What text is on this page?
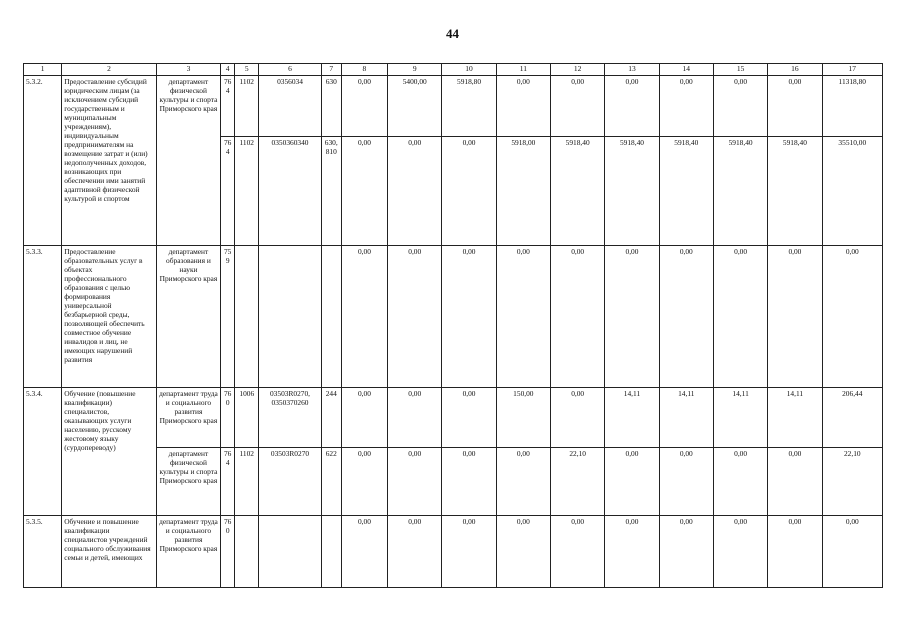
44
1	2	3	4	5	6	7	8	9	10	11	12	13	14	15	16	17
5.3.2.	Предоставление субсидий юридическим лицам (за исключением субсидий государственным и муниципальным учреждениям), индивидуальным предпринимателям на возмещение затрат и (или) недополученных доходов, возникающих при обеспечении ими занятий адаптивной физической культурой и спортом	департамент физической культуры и спорта Приморского края	764	1102	0356034	630	0,00	5400,00	5918,80	0,00	0,00	0,00	0,00	0,00	0,00	11318,80
			764	1102	0350360340	630, 810	0,00	0,00	0,00	5918,00	5918,40	5918,40	5918,40	5918,40	5918,40	35510,00
5.3.3.	Предоставление образовательных услуг в объектах профессионального образования с целью формирования универсальной безбарьерной среды, позволяющей обеспечить совместное обучение инвалидов и лиц, не имеющих нарушений развития	департамент образования и науки Приморского края	759				0,00	0,00	0,00	0,00	0,00	0,00	0,00	0,00	0,00	0,00
5.3.4.	Обучение (повышение квалификации) специалистов, оказывающих услуги населению, русскому жестовому языку (сурдопереводу)	департамент труда и социального развития Приморского края	760	1006	03503R0270, 0350370260	244	0,00	0,00	0,00	150,00	0,00	14,11	14,11	14,11	14,11	206,44
		департамент физической культуры и спорта Приморского края	764	1102	03503R0270	622	0,00	0,00	0,00	0,00	22,10	0,00	0,00	0,00	0,00	22,10
5.3.5.	Обучение и повышение квалификации специалистов учреждений социального обслуживания семьи и детей, имеющих	департамент труда и социального развития Приморского края	760				0,00	0,00	0,00	0,00	0,00	0,00	0,00	0,00	0,00	0,00
